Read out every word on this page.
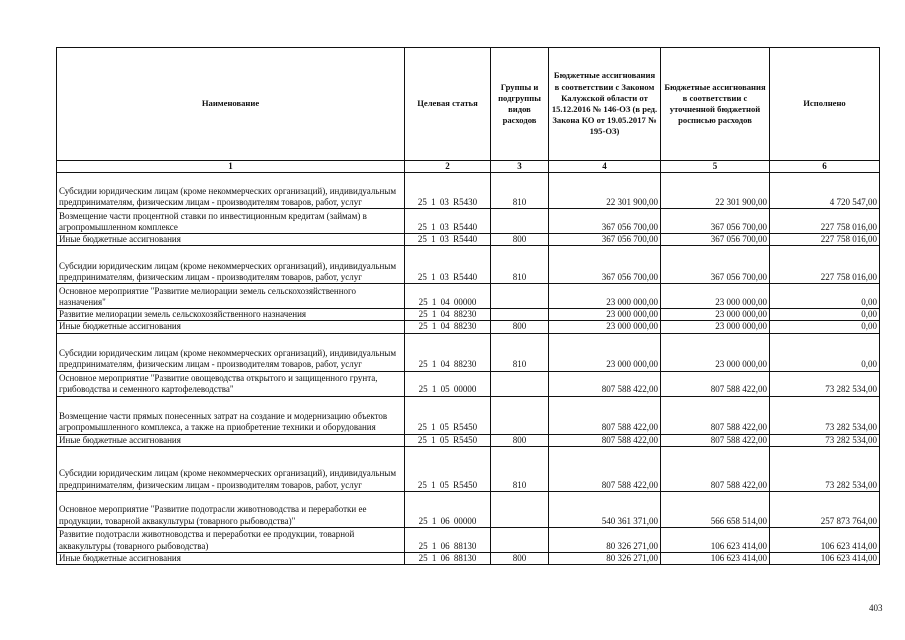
Наименование	Целевая статья	Группы и подгруппы видов расходов	Бюджетные ассигнования в соответствии с Законом Калужской области от 15.12.2016 № 146-ОЗ (в ред. Закона КО от 19.05.2017 № 195-ОЗ)	Бюджетные ассигнования в соответствии с уточненной бюджетной росписью расходов	Исполнено
1	2	3	4	5	6
Субсидии юридическим лицам (кроме некоммерческих организаций), индивидуальным предпринимателям, физическим лицам - производителям товаров, работ, услуг	25 1 03 R5430	810	22 301 900,00	22 301 900,00	4 720 547,00
Возмещение части процентной ставки по инвестиционным кредитам (займам) в агропромышленном комплексе	25 1 03 R5440		367 056 700,00	367 056 700,00	227 758 016,00
Иные бюджетные ассигнования	25 1 03 R5440	800	367 056 700,00	367 056 700,00	227 758 016,00
Субсидии юридическим лицам (кроме некоммерческих организаций), индивидуальным предпринимателям, физическим лицам - производителям товаров, работ, услуг	25 1 03 R5440	810	367 056 700,00	367 056 700,00	227 758 016,00
Основное мероприятие "Развитие мелиорации земель сельскохозяйственного назначения"	25 1 04 00000		23 000 000,00	23 000 000,00	0,00
Развитие мелиорации земель сельскохозяйственного назначения	25 1 04 88230		23 000 000,00	23 000 000,00	0,00
Иные бюджетные ассигнования	25 1 04 88230	800	23 000 000,00	23 000 000,00	0,00
Субсидии юридическим лицам (кроме некоммерческих организаций), индивидуальным предпринимателям, физическим лицам - производителям товаров, работ, услуг	25 1 04 88230	810	23 000 000,00	23 000 000,00	0,00
Основное мероприятие "Развитие овощеводства открытого и защищенного грунта, грибоводства и семенного картофелеводства"	25 1 05 00000		807 588 422,00	807 588 422,00	73 282 534,00
Возмещение части прямых понесенных затрат на создание и модернизацию объектов агропромышленного комплекса, а также на приобретение техники и оборудования	25 1 05 R5450		807 588 422,00	807 588 422,00	73 282 534,00
Иные бюджетные ассигнования	25 1 05 R5450	800	807 588 422,00	807 588 422,00	73 282 534,00
Субсидии юридическим лицам (кроме некоммерческих организаций), индивидуальным предпринимателям, физическим лицам - производителям товаров, работ, услуг	25 1 05 R5450	810	807 588 422,00	807 588 422,00	73 282 534,00
Основное мероприятие "Развитие подотрасли животноводства и переработки ее продукции, товарной аквакультуры (товарного рыбоводства)"	25 1 06 00000		540 361 371,00	566 658 514,00	257 873 764,00
Развитие подотрасли животноводства и переработки ее продукции, товарной аквакультуры (товарного рыбоводства)	25 1 06 88130		80 326 271,00	106 623 414,00	106 623 414,00
Иные бюджетные ассигнования	25 1 06 88130	800	80 326 271,00	106 623 414,00	106 623 414,00
403
